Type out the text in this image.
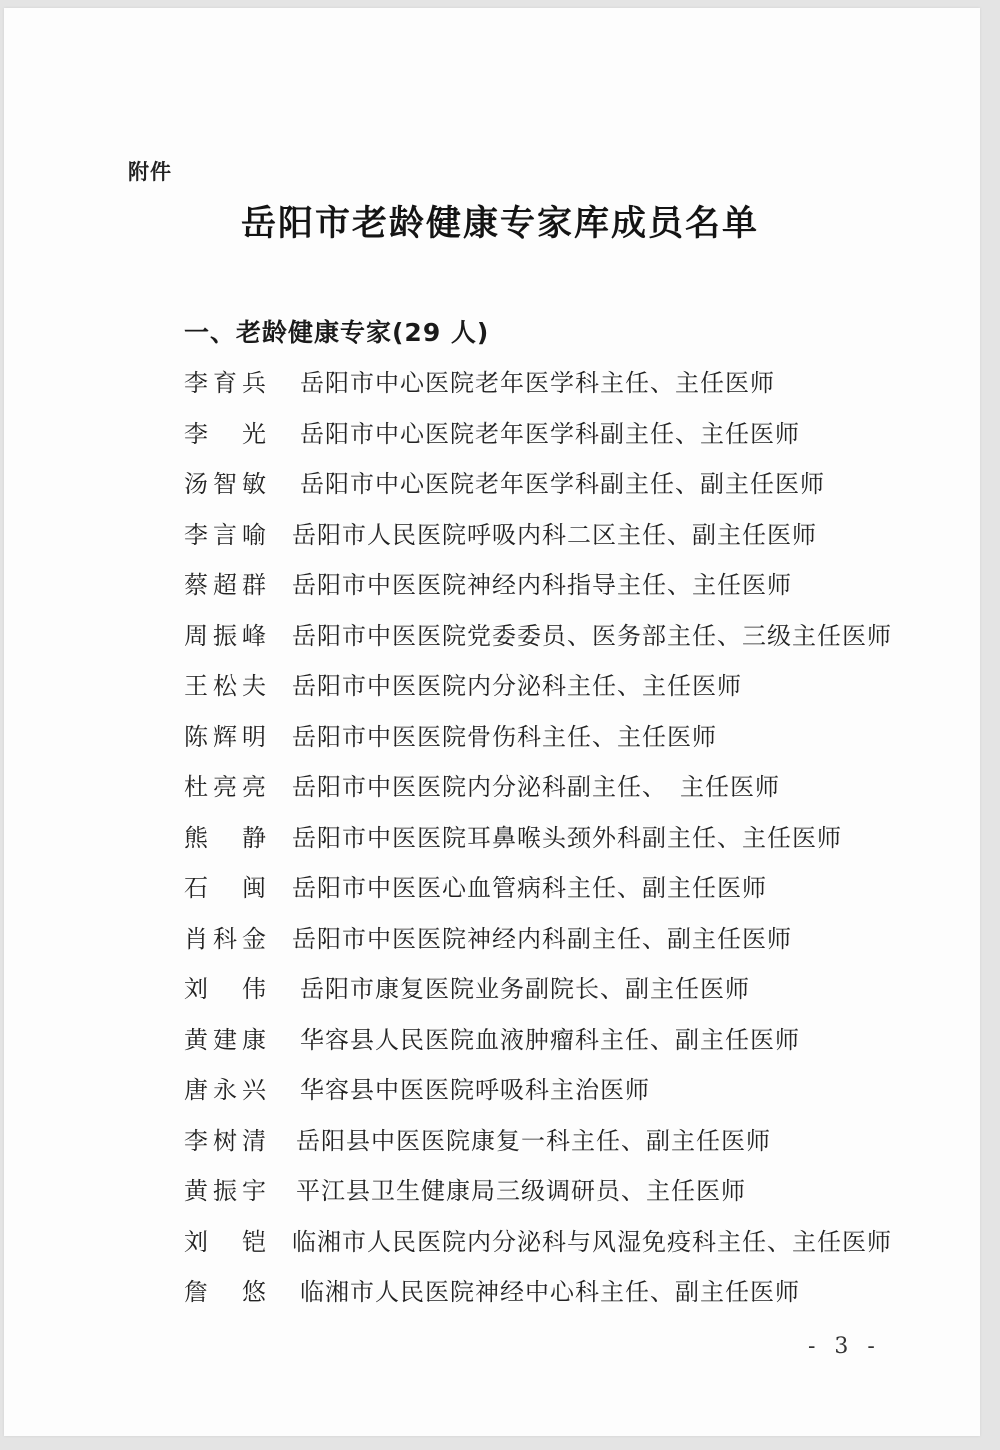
附件
岳阳市老龄健康专家库成员名单
一、老龄健康专家(29 人)
李育兵 岳阳市中心医院老年医学科主任、主任医师
李 光 岳阳市中心医院老年医学科副主任、主任医师
汤智敏 岳阳市中心医院老年医学科副主任、副主任医师
李言喻 岳阳市人民医院呼吸内科二区主任、副主任医师
蔡超群 岳阳市中医医院神经内科指导主任、主任医师
周振峰 岳阳市中医医院党委委员、医务部主任、三级主任医师
王松夫 岳阳市中医医院内分泌科主任、主任医师
陈辉明 岳阳市中医医院骨伤科主任、主任医师
杜亮亮 岳阳市中医医院内分泌科副主任、　主任医师
熊 静 岳阳市中医医院耳鼻喉头颈外科副主任、主任医师
石 闽 岳阳市中医医心血管病科主任、副主任医师
肖科金 岳阳市中医医院神经内科副主任、副主任医师
刘 伟 岳阳市康复医院业务副院长、副主任医师
黄建康 华容县人民医院血液肿瘤科主任、副主任医师
唐永兴 华容县中医医院呼吸科主治医师
李树清 岳阳县中医医院康复一科主任、副主任医师
黄振宇 平江县卫生健康局三级调研员、主任医师
刘 铠 临湘市人民医院内分泌科与风湿免疫科主任、主任医师
詹 悠 临湘市人民医院神经中心科主任、副主任医师
- 3 -
